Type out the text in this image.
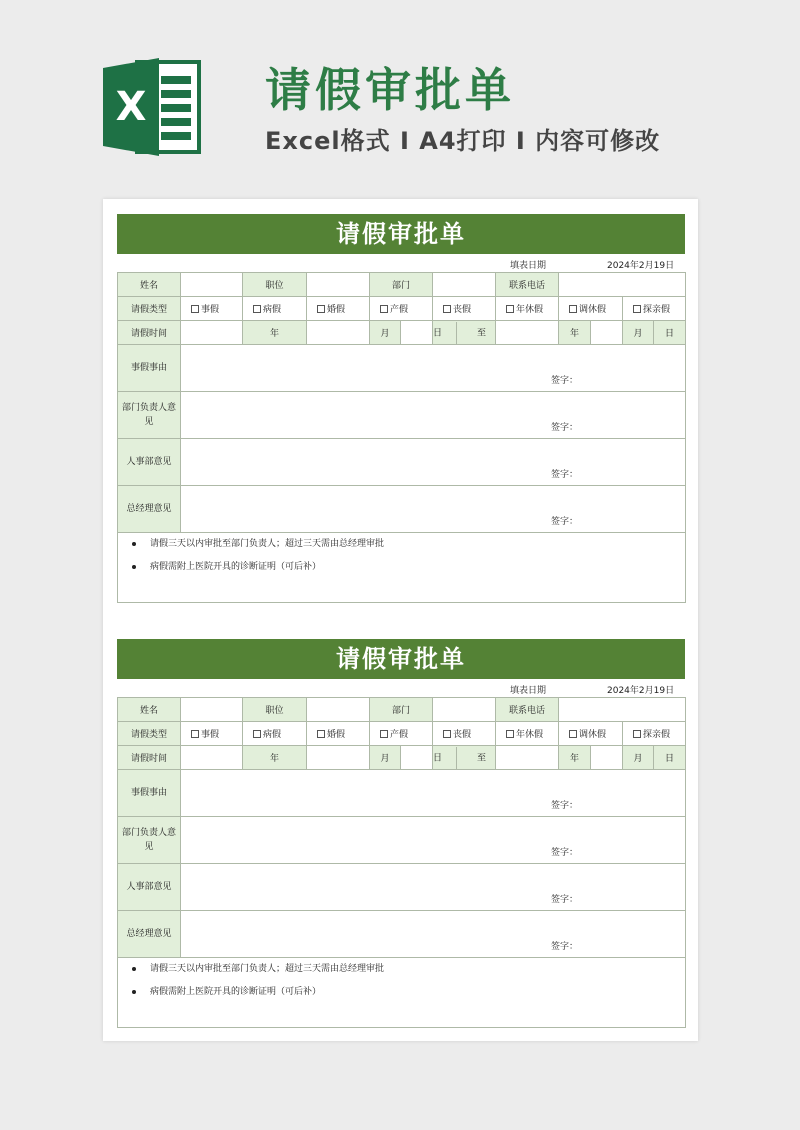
X	请假审批单
Excel格式 I A4打印 I 内容可修改
请假审批单
填表日期	2024年2月19日
姓名		职位		部门			联系电话				
请假类型	事假	病假	婚假	产假		丧假	年休假	调休假		探亲假	
请假时间		年		月		日 至		年		月	日
事假事由	签字：										

部门负责人意见	签字：										

人事部意见	签字：										

总经理意见	签字：										

请假三天以内审批至部门负责人；超过三天需由总经理审批
病假需附上医院开具的诊断证明（可后补）											
请假审批单
填表日期	2024年2月19日
姓名		职位		部门			联系电话				
请假类型	事假	病假	婚假	产假		丧假	年休假	调休假		探亲假	
请假时间		年		月		日 至		年		月	日
事假事由	签字：										

部门负责人意见	签字：										

人事部意见	签字：										

总经理意见	签字：										

请假三天以内审批至部门负责人；超过三天需由总经理审批
病假需附上医院开具的诊断证明（可后补）											
